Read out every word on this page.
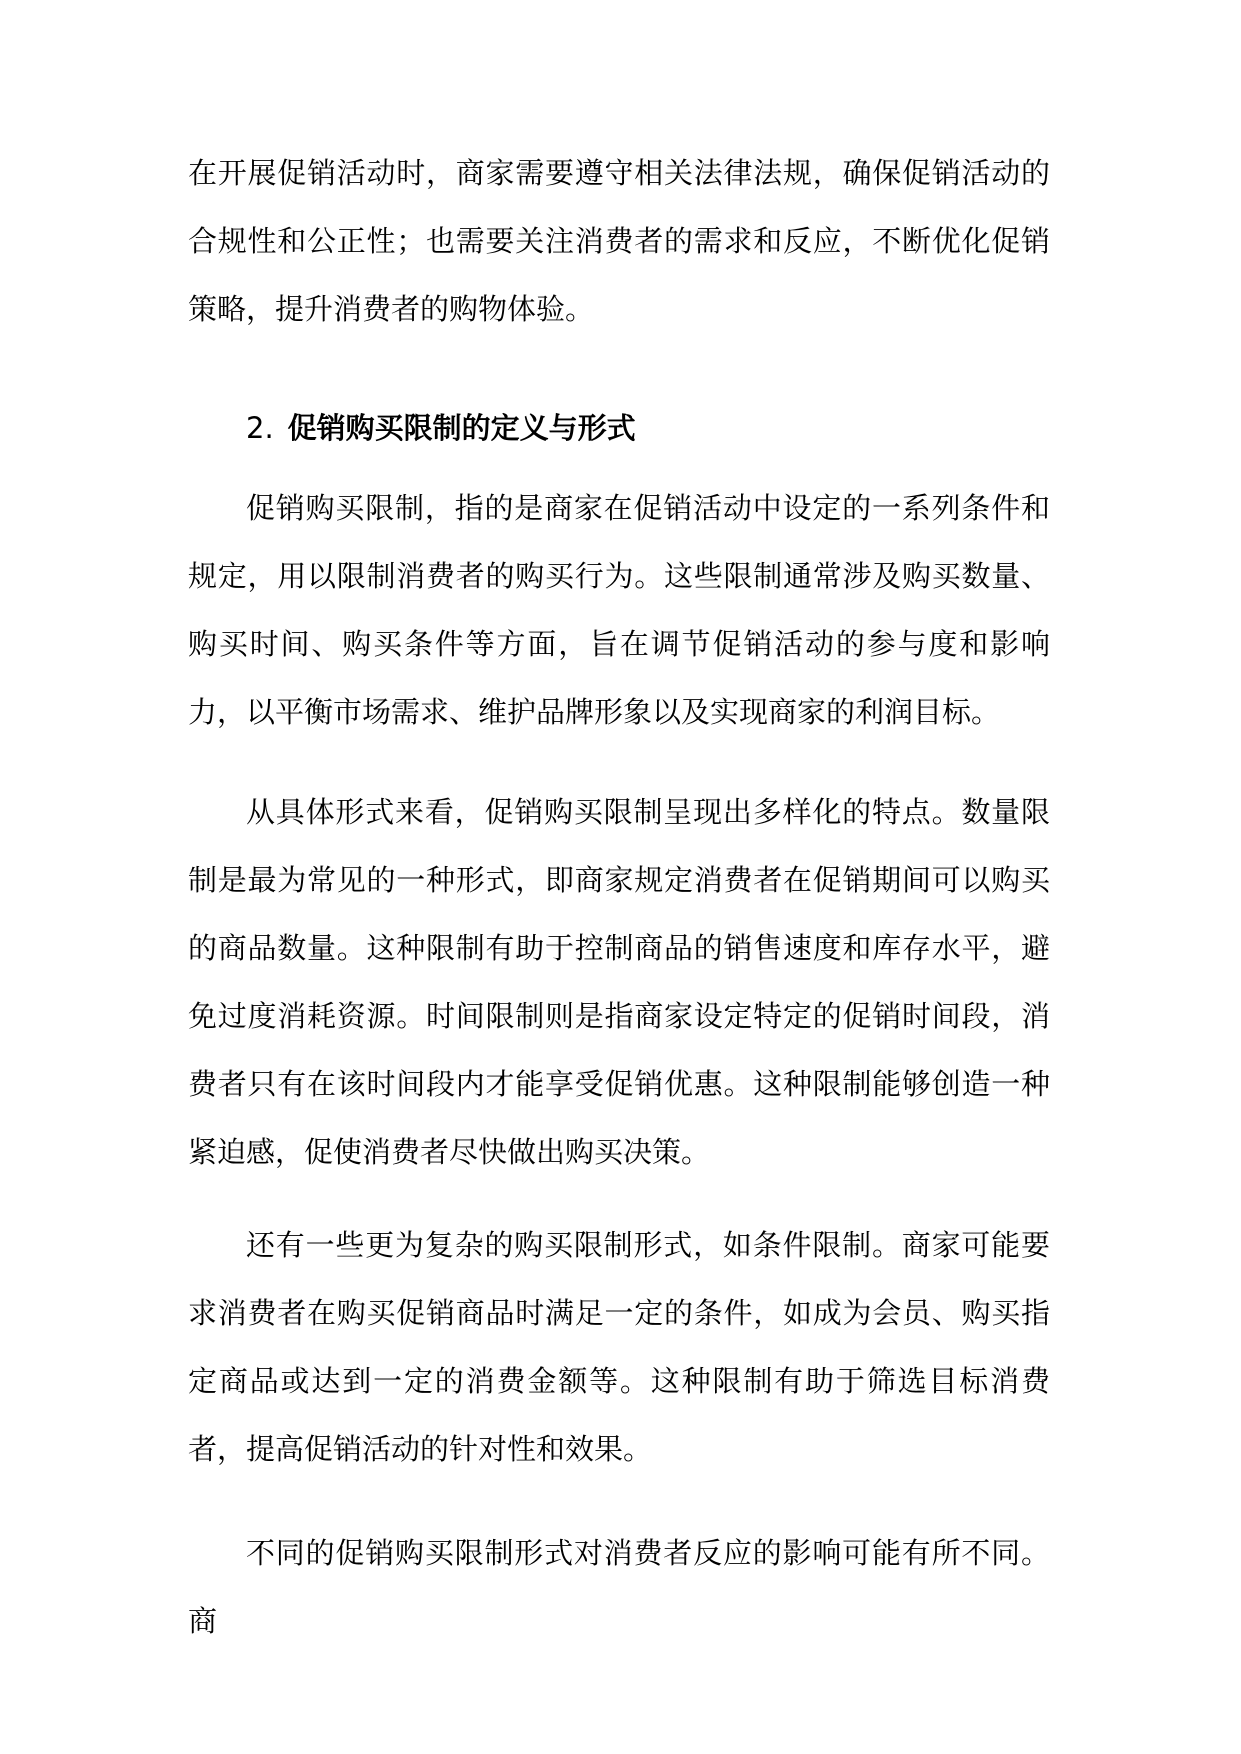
在开展促销活动时，商家需要遵守相关法律法规，确保促销活动的合规性和公正性；也需要关注消费者的需求和反应，不断优化促销策略，提升消费者的购物体验。

2. 促销购买限制的定义与形式

促销购买限制，指的是商家在促销活动中设定的一系列条件和规定，用以限制消费者的购买行为。这些限制通常涉及购买数量、购买时间、购买条件等方面，旨在调节促销活动的参与度和影响力，以平衡市场需求、维护品牌形象以及实现商家的利润目标。

从具体形式来看，促销购买限制呈现出多样化的特点。数量限制是最为常见的一种形式，即商家规定消费者在促销期间可以购买的商品数量。这种限制有助于控制商品的销售速度和库存水平，避免过度消耗资源。时间限制则是指商家设定特定的促销时间段，消费者只有在该时间段内才能享受促销优惠。这种限制能够创造一种紧迫感，促使消费者尽快做出购买决策。

还有一些更为复杂的购买限制形式，如条件限制。商家可能要求消费者在购买促销商品时满足一定的条件，如成为会员、购买指定商品或达到一定的消费金额等。这种限制有助于筛选目标消费者，提高促销活动的针对性和效果。

不同的促销购买限制形式对消费者反应的影响可能有所不同。商
